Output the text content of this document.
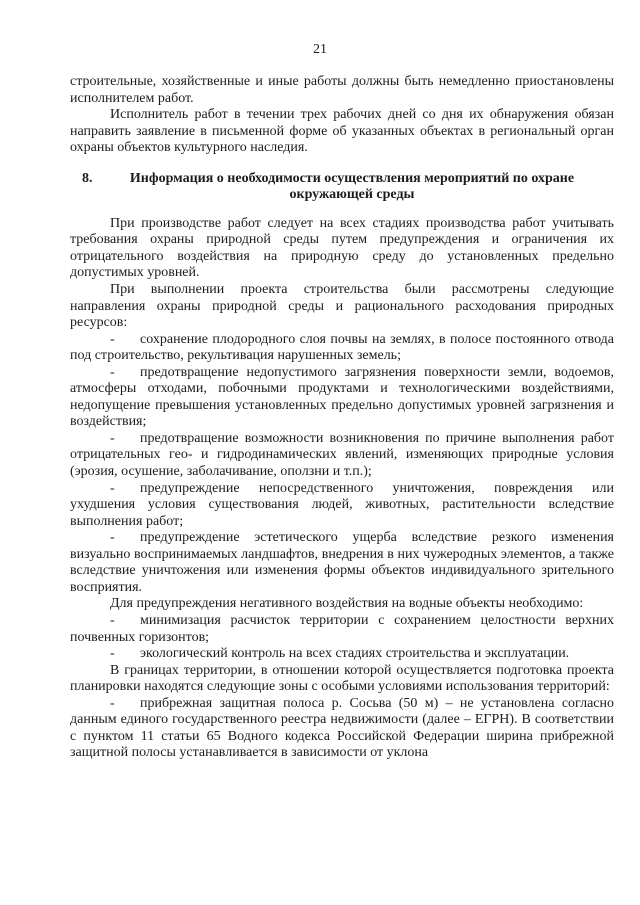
21

строительные, хозяйственные и иные работы должны быть немедленно приостановлены исполнителем работ.

Исполнитель работ в течении трех рабочих дней со дня их обнаружения обязан направить заявление в письменной форме об указанных объектах в региональный орган охраны объектов культурного наследия.

8.	Информация о необходимости осуществления мероприятий по охране окружающей среды

При производстве работ следует на всех стадиях производства работ учитывать требования охраны природной среды путем предупреждения и ограничения их отрицательного воздействия на природную среду до установленных предельно допустимых уровней.

При выполнении проекта строительства были рассмотрены следующие направления охраны природной среды и рационального расходования природных ресурсов:

- сохранение плодородного слоя почвы на землях, в полосе постоянного отвода под строительство, рекультивация нарушенных земель;

- предотвращение недопустимого загрязнения поверхности земли, водоемов, атмосферы отходами, побочными продуктами и технологическими воздействиями, недопущение превышения установленных предельно допустимых уровней загрязнения и воздействия;

- предотвращение возможности возникновения по причине выполнения работ отрицательных гео- и гидродинамических явлений, изменяющих природные условия (эрозия, осушение, заболачивание, оползни и т.п.);

- предупреждение непосредственного уничтожения, повреждения или ухудшения условия существования людей, животных, растительности вследствие выполнения работ;

- предупреждение эстетического ущерба вследствие резкого изменения визуально воспринимаемых ландшафтов, внедрения в них чужеродных элементов, а также вследствие уничтожения или изменения формы объектов индивидуального зрительного восприятия.

Для предупреждения негативного воздействия на водные объекты необходимо:

- минимизация расчисток территории с сохранением целостности верхних почвенных горизонтов;

- экологический контроль на всех стадиях строительства и эксплуатации.

В границах территории, в отношении которой осуществляется подготовка проекта планировки находятся следующие зоны с особыми условиями использования территорий:

- прибрежная защитная полоса р. Сосьва (50 м) – не установлена согласно данным единого государственного реестра недвижимости (далее – ЕГРН). В соответствии с пунктом 11 статьи 65 Водного кодекса Российской Федерации ширина прибрежной защитной полосы устанавливается в зависимости от уклона
